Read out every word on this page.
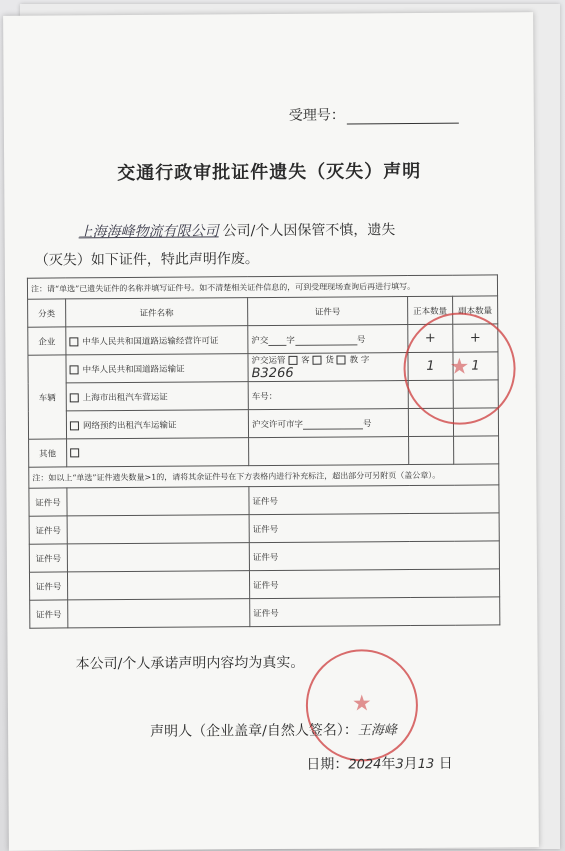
受理号：
交通行政审批证件遗失（灭失）声明
上海海峰物流有限公司 公司/个人因保管不慎，遗失
（灭失）如下证件，特此声明作废。
注：请“单选”已遗失证件的名称并填写证件号。如不清楚相关证件信息的，可到受理现场查询后再进行填写。				
分类	证件名称	证件号	正本数量	副本数量
企业	中华人民共和国道路运输经营许可证	沪交 字 号	+	+
车辆	中华人民共和国道路运输证	沪交运管 客 货 教 字B3266	1	1
	上海市出租汽车营运证	车号：		
	网络预约出租汽车运输证	沪交许可市字 号		
其他				
注：如以上“单选”证件遗失数量>1的，请将其余证件号在下方表格内进行补充标注，超出部分可另附页（盖公章）。				
证件号		证件号		
证件号		证件号		
证件号		证件号		
证件号		证件号		
证件号		证件号		
★
本公司/个人承诺声明内容均为真实。
★
声明人（企业盖章/自然人签名）：王海峰
日期：2024年3月13 日
